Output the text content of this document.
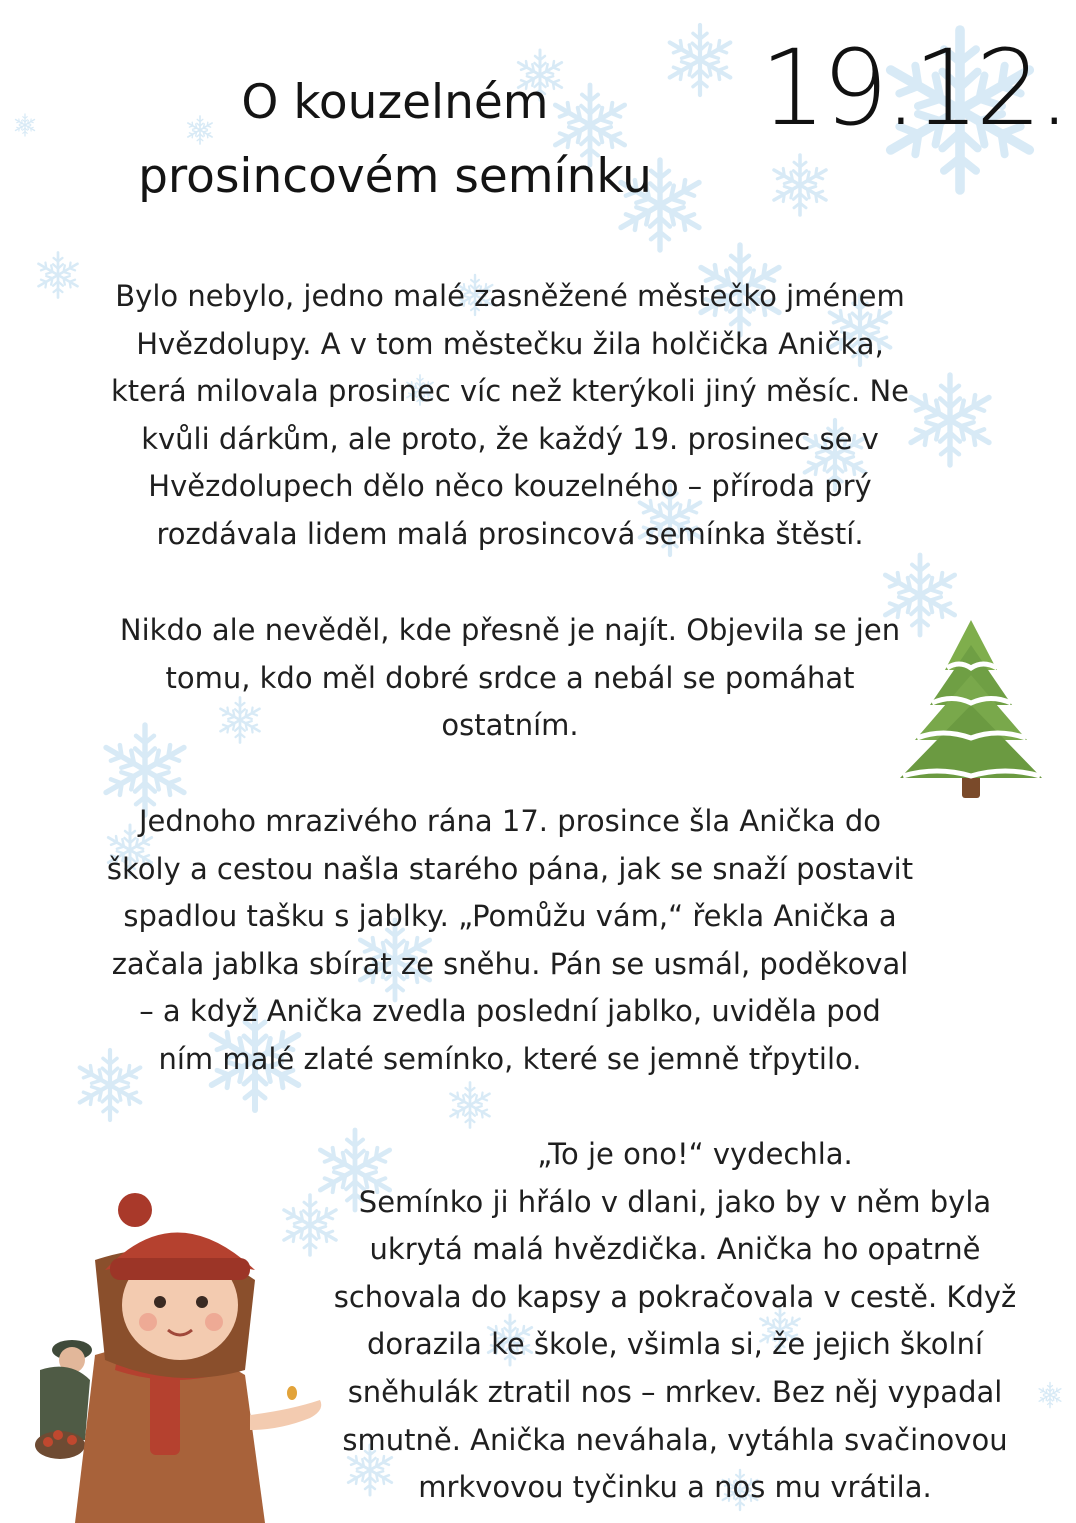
19.12.
O kouzelném
prosincovém semínku
Bylo nebylo, jedno malé zasněžené městečko jménem
Hvězdolupy. A v tom městečku žila holčička Anička,
která milovala prosinec víc než kterýkoli jiný měsíc. Ne
kvůli dárkům, ale proto, že každý 19. prosinec se v
Hvězdolupech dělo něco kouzelného – příroda prý
rozdávala lidem malá prosincová semínka štěstí.
Nikdo ale nevěděl, kde přesně je najít. Objevila se jen
tomu, kdo měl dobré srdce a nebál se pomáhat
ostatním.
Jednoho mrazivého rána 17. prosince šla Anička do
školy a cestou našla starého pána, jak se snaží postavit
spadlou tašku s jablky. „Pomůžu vám,“ řekla Anička a
začala jablka sbírat ze sněhu. Pán se usmál, poděkoval
– a když Anička zvedla poslední jablko, uviděla pod
ním malé zlaté semínko, které se jemně třpytilo.
„To je ono!“ vydechla.
Semínko ji hřálo v dlani, jako by v něm byla
ukrytá malá hvězdička. Anička ho opatrně
schovala do kapsy a pokračovala v cestě. Když
dorazila ke škole, všimla si, že jejich školní
sněhulák ztratil nos – mrkev. Bez něj vypadal
smutně. Anička neváhala, vytáhla svačinovou
mrkvovou tyčinku a nos mu vrátila.
